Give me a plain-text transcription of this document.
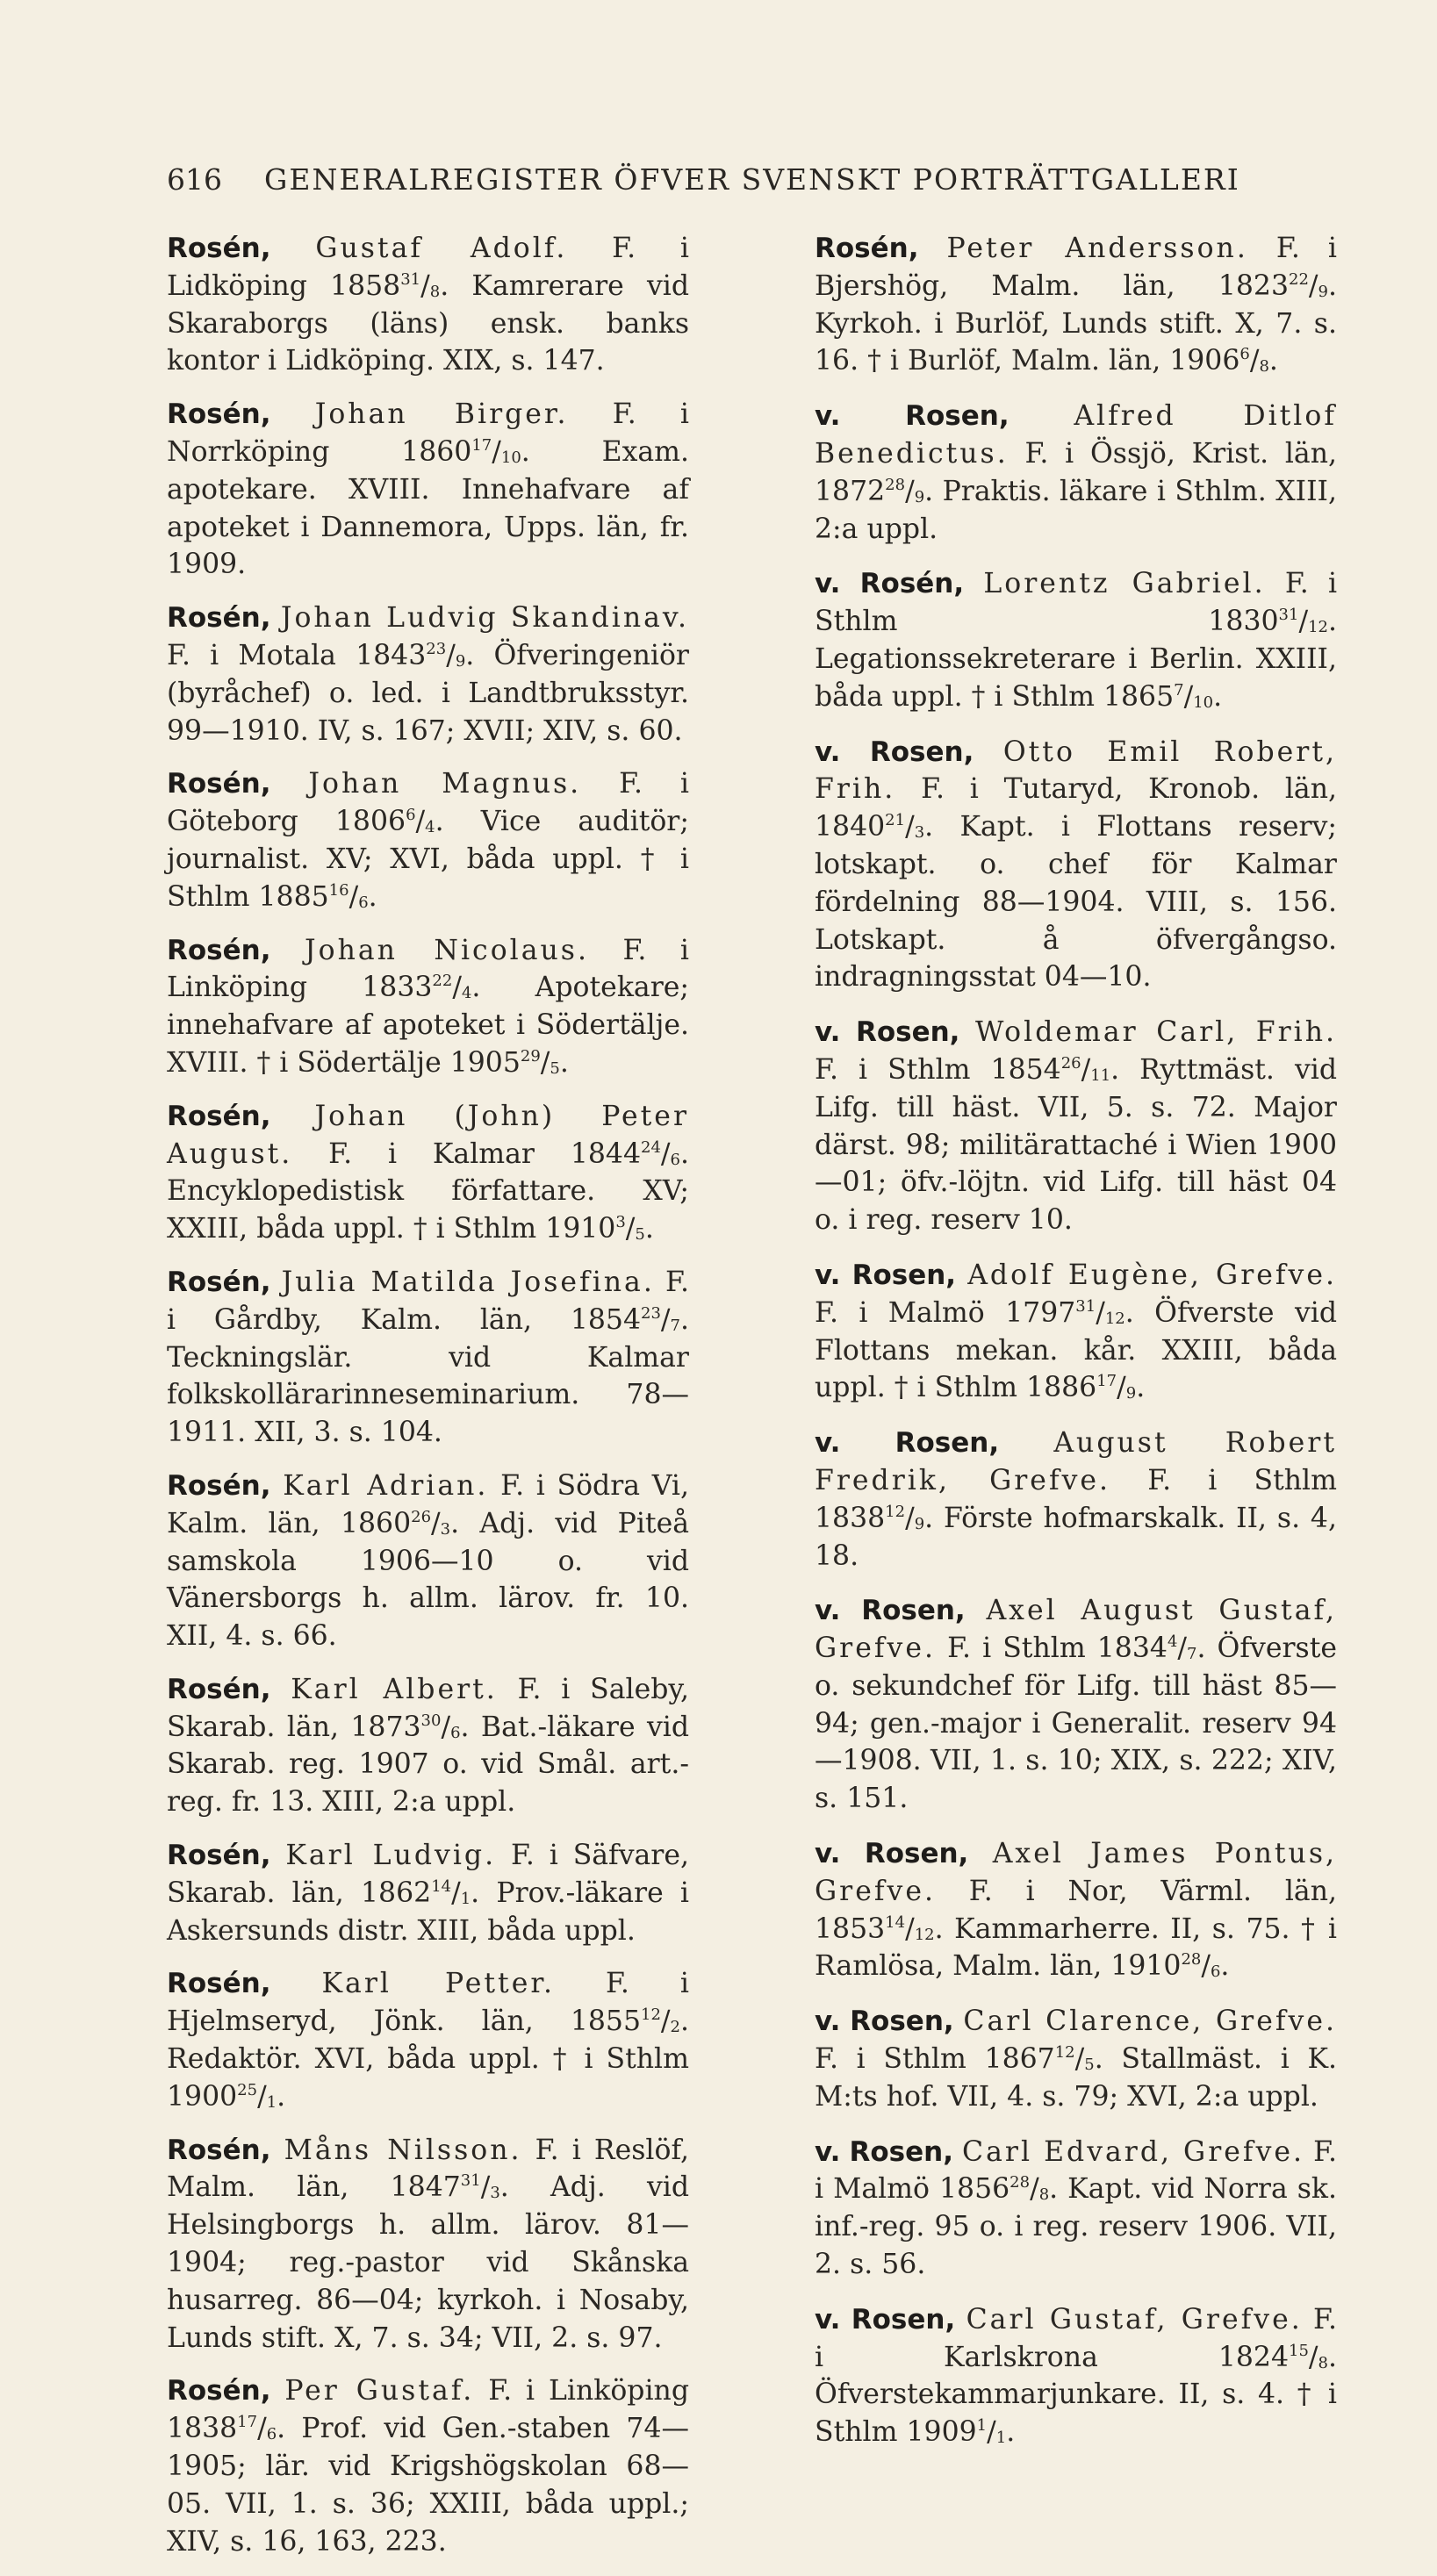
616 GENERALREGISTER ÖFVER SVENSKT PORTRÄTTGALLERI
Rosén, Gustaf Adolf. F. i Lidköping $1858^{31}/_8$. Kamrerare vid Skaraborgs (läns) ensk. banks kontor i Lidköping. XIX, s. 147.
Rosén, Johan Birger. F. i Norrköping $1860^{17}/_{10}$. Exam. apotekare. XVIII. Innehafvare af apoteket i Dannemora, Upps. län, fr. 1909.
Rosén, Johan Ludvig Skandinav. F. i Motala $1843^{23}/_9$. Öfveringeniör (byråchef) o. led. i Landtbruksstyr. 99—1910. IV, s. 167; XVII; XIV, s. 60.
Rosén, Johan Magnus. F. i Göteborg $1806^6/_4$. Vice auditör; journalist. XV; XVI, båda uppl. † i Sthlm $1885^{16}/_6$.
Rosén, Johan Nicolaus. F. i Linköping $1833^{22}/_4$. Apotekare; innehafvare af apoteket i Södertälje. XVIII. † i Södertälje $1905^{29}/_5$.
Rosén, Johan (John) Peter August. F. i Kalmar $1844^{24}/_6$. Encyklopedistisk författare. XV; XXIII, båda uppl. † i Sthlm $1910^3/_5$.
Rosén, Julia Matilda Josefina. F. i Gårdby, Kalm. län, $1854^{23}/_7$. Teckningslär. vid Kalmar folkskollärarinneseminarium. 78—1911. XII, 3. s. 104.
Rosén, Karl Adrian. F. i Södra Vi, Kalm. län, $1860^{26}/_3$. Adj. vid Piteå samskola 1906—10 o. vid Vänersborgs h. allm. lärov. fr. 10. XII, 4. s. 66.
Rosén, Karl Albert. F. i Saleby, Skarab. län, $1873^{30}/_6$. Bat.-läkare vid Skarab. reg. 1907 o. vid Smål. art.-reg. fr. 13. XIII, 2:a uppl.
Rosén, Karl Ludvig. F. i Säfvare, Skarab. län, $1862^{14}/_1$. Prov.-läkare i Askersunds distr. XIII, båda uppl.
Rosén, Karl Petter. F. i Hjelmseryd, Jönk. län, $1855^{12}/_2$. Redaktör. XVI, båda uppl. † i Sthlm $1900^{25}/_1$.
Rosén, Måns Nilsson. F. i Reslöf, Malm. län, $1847^{31}/_3$. Adj. vid Helsingborgs h. allm. lärov. 81—1904; reg.-pastor vid Skånska husarreg. 86—04; kyrkoh. i Nosaby, Lunds stift. X, 7. s. 34; VII, 2. s. 97.
Rosén, Per Gustaf. F. i Linköping $1838^{17}/_6$. Prof. vid Gen.-staben 74—1905; lär. vid Krigshögskolan 68—05. VII, 1. s. 36; XXIII, båda uppl.; XIV, s. 16, 163, 223.
Rosén, Peter Andersson. F. i Bjershög, Malm. län, $1823^{22}/_9$. Kyrkoh. i Burlöf, Lunds stift. X, 7. s. 16. † i Burlöf, Malm. län, $1906^6/_8$.
v. Rosen, Alfred Ditlof Benedictus. F. i Össjö, Krist. län, $1872^{28}/_9$. Praktis. läkare i Sthlm. XIII, 2:a uppl.
v. Rosén, Lorentz Gabriel. F. i Sthlm $1830^{31}/_{12}$. Legationssekreterare i Berlin. XXIII, båda uppl. † i Sthlm $1865^7/_{10}$.
v. Rosen, Otto Emil Robert, Frih. F. i Tutaryd, Kronob. län, $1840^{21}/_3$. Kapt. i Flottans reserv; lotskapt. o. chef för Kalmar fördelning 88—1904. VIII, s. 156. Lotskapt. å öfvergångso. indragningsstat 04—10.
v. Rosen, Woldemar Carl, Frih. F. i Sthlm $1854^{26}/_{11}$. Ryttmäst. vid Lifg. till häst. VII, 5. s. 72. Major därst. 98; militärattaché i Wien 1900—01; öfv.-löjtn. vid Lifg. till häst 04 o. i reg. reserv 10.
v. Rosen, Adolf Eugène, Grefve. F. i Malmö $1797^{31}/_{12}$. Öfverste vid Flottans mekan. kår. XXIII, båda uppl. † i Sthlm $1886^{17}/_9$.
v. Rosen, August Robert Fredrik, Grefve. F. i Sthlm $1838^{12}/_9$. Förste hofmarskalk. II, s. 4, 18.
v. Rosen, Axel August Gustaf, Grefve. F. i Sthlm $1834^4/_7$. Öfverste o. sekundchef för Lifg. till häst 85—94; gen.-major i Generalit. reserv 94—1908. VII, 1. s. 10; XIX, s. 222; XIV, s. 151.
v. Rosen, Axel James Pontus, Grefve. F. i Nor, Värml. län, $1853^{14}/_{12}$. Kammarherre. II, s. 75. † i Ramlösa, Malm. län, $1910^{28}/_6$.
v. Rosen, Carl Clarence, Grefve. F. i Sthlm $1867^{12}/_5$. Stallmäst. i K. M:ts hof. VII, 4. s. 79; XVI, 2:a uppl.
v. Rosen, Carl Edvard, Grefve. F. i Malmö $1856^{28}/_8$. Kapt. vid Norra sk. inf.-reg. 95 o. i reg. reserv 1906. VII, 2. s. 56.
v. Rosen, Carl Gustaf, Grefve. F. i Karlskrona $1824^{15}/_8$. Öfverstekammarjunkare. II, s. 4. † i Sthlm $1909^1/_1$.
